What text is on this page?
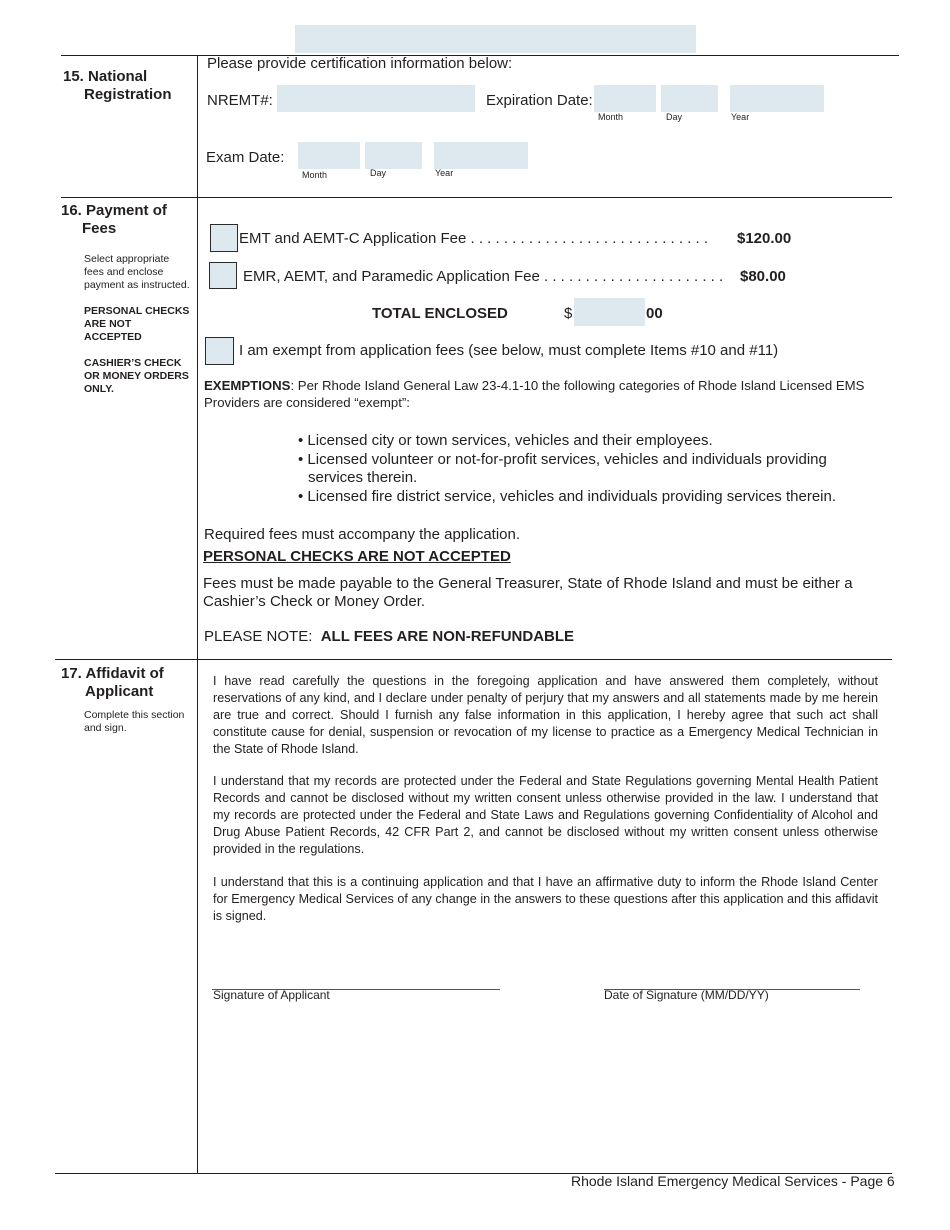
15. National
Registration
Please provide certification information below:
NREMT#:	Expiration Date:
Month	Day	Year
Exam Date:
Month	Day	Year
16. Payment of
Fees
Select appropriate fees and enclose payment as instructed.
PERSONAL CHECKS ARE NOT ACCEPTED
CASHIER’S CHECK OR MONEY ORDERS ONLY.
EMT and AEMT-C Application Fee . . . . . . . . . . . . . . . . . . . . . . . . . . . . . $120.00
EMR, AEMT, and Paramedic Application Fee . . . . . . . . . . . . . . . . . . . . . . $80.00
TOTAL ENCLOSED	$	00
I am exempt from application fees (see below, must complete Items #10 and #11)
EXEMPTIONS: Per Rhode Island General Law 23-4.1-10 the following categories of Rhode Island Licensed EMS Providers are considered “exempt”:
• Licensed city or town services, vehicles and their employees.
• Licensed volunteer or not-for-profit services, vehicles and individuals providing services therein.
• Licensed fire district service, vehicles and individuals providing services therein.
Required fees must accompany the application.
PERSONAL CHECKS ARE NOT ACCEPTED
Fees must be made payable to the General Treasurer, State of Rhode Island and must be either a Cashier’s Check or Money Order.
PLEASE NOTE: ALL FEES ARE NON-REFUNDABLE
17. Affidavit of
Applicant
Complete this section and sign.
I have read carefully the questions in the foregoing application and have answered them completely, without reservations of any kind, and I declare under penalty of perjury that my answers and all statements made by me herein are true and correct. Should I furnish any false information in this application, I hereby agree that such act shall constitute cause for denial, suspension or revocation of my license to practice as a Emergency Medical Technician in the State of Rhode Island.
I understand that my records are protected under the Federal and State Regulations governing Mental Health Patient Records and cannot be disclosed without my written consent unless otherwise provided in the law. I understand that my records are protected under the Federal and State Laws and Regulations governing Confidentiality of Alcohol and Drug Abuse Patient Records, 42 CFR Part 2, and cannot be disclosed without my written consent unless otherwise provided in the regulations.
I understand that this is a continuing application and that I have an affirmative duty to inform the Rhode Island Center for Emergency Medical Services of any change in the answers to these questions after this application and this affidavit is signed.
Signature of Applicant	Date of Signature (MM/DD/YY)
Rhode Island Emergency Medical Services - Page 6
